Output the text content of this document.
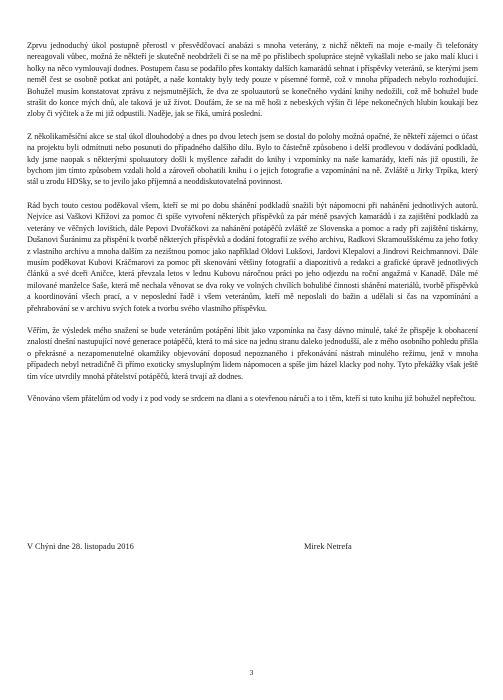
Zprvu jednoduchý úkol postupně přerostl v přesvědčovací anabázi s mnoha veterány, z nichž někteří na moje e-maily či telefonáty nereagovali vůbec, možná že někteří je skutečně neobdrželi či se na mě po příslibech spolupráce stejně vykašlali nebo se jako malí kluci i holky na něco vymlouvají dodnes. Postupem času se podařilo přes kontakty dalších kamarádů sehnat i příspěvky veteránů, se kterými jsem neměl čest se osobně potkat ani potápět, a naše kontakty byly tedy pouze v písemné formě, což v mnoha případech nebylo rozhodující. Bohužel musím konstatovat zprávu z nejsmutnějších, že dva ze spoluautorů se konečného vydání knihy nedožili, což mě bohužel bude strašit do konce mých dnů, ale taková je už život. Doufám, že se na mě hoši z nebeských výšin či lépe nekonečných hlubin koukají bez zloby či výčitek a že mi již odpustili. Naděje, jak se říká, umírá poslední.

Z několikaměsíční akce se stal úkol dlouhodobý a dnes po dvou letech jsem se dostal do polohy možná opačné, že někteří zájemci o účast na projektu byli odmítnuti nebo posunuti do případného dalšího dílu. Bylo to částečně způsobeno i delší prodlevou v dodávání podkladů, kdy jsme naopak s některými spoluautory došli k myšlence zařadit do knihy i vzpomínky na naše kamarády, kteří nás již opustili, že bychom jim tímto způsobem vzdali hold a zároveň obohatili knihu i o jejich fotografie a vzpomínání na ně. Zvláště u Jirky Trpíka, který stál u zrodu HDSky, se to jevilo jako příjemná a neoddiskutovatelná povinnost.

Rád bych touto cestou poděkoval všem, kteří se mi po dobu shánění podkladů snažili být nápomocni při nahánění jednotlivých autorů. Nejvíce asi Vaškovi Křížovi za pomoc či spíše vytvoření některých příspěvků za pár méně psavých kamarádů i za zajištění podkladů za veterány ve věčných lovištích, dále Pepovi Dvořáčkovi za nahánění potápěčů zvláště ze Slovenska a pomoc a rady při zajištění tiskárny, Dušanovi Šuránimu za přispění k tvorbě některých příspěvků a dodání fotografií ze svého archivu, Radkovi Skramouššskému za jeho fotky z vlastního archivu a mnoha dalším za nezištnou pomoc jako například Oldovi Lukšovi, Jardovi Klepalovi a Jindrovi Reichmannovi. Dále musím poděkovat Kubovi Kráčmarovi za pomoc při skenování většiny fotografií a diapozitivů a redakci a grafické úpravě jednotlivých článků a své dceři Aničce, která převzala letos v lednu Kubovu náročnou práci po jeho odjezdu na roční angažmá v Kanadě. Dále mé milované manželce Saše, která mě nechala věnovat se dva roky ve volných chvílích bohulibé činnosti shánění materiálů, tvorbě příspěvků a koordinování všech prací, a v neposlední řadě i všem veteránům, kteří mě neposlali do bažin a udělali si čas na vzpomínání a přehrabování se v archivu svých fotek a tvorbu svého vlastního příspěvku.

Věřím, že výsledek mého snažení se bude veteránům potápění líbit jako vzpomínka na časy dávno minulé, také že přispěje k obohacení znalostí dnešní nastupující nové generace potápěčů, která to má sice na jednu stranu daleko jednodušší, ale z mého osobního pohledu přišla o překrásné a nezapomenutelné okamžiky objevování doposud nepoznaného i překonávání nástrah minulého režimu, jenž v mnoha případech nebyl netradičně či přímo exoticky smysluplným lidem nápomocen a spíše jim házel klacky pod nohy. Tyto překážky však ještě tím více utvrdily mnohá přátelství potápěčů, která trvají až dodnes.

Věnováno všem přátelům od vody i z pod vody se srdcem na dlani a s otevřenou náručí a to i těm, kteří si tuto knihu již bohužel nepřečtou.

V Chýni dne 28. listopadu 2016	Mirek Netrefa
3
